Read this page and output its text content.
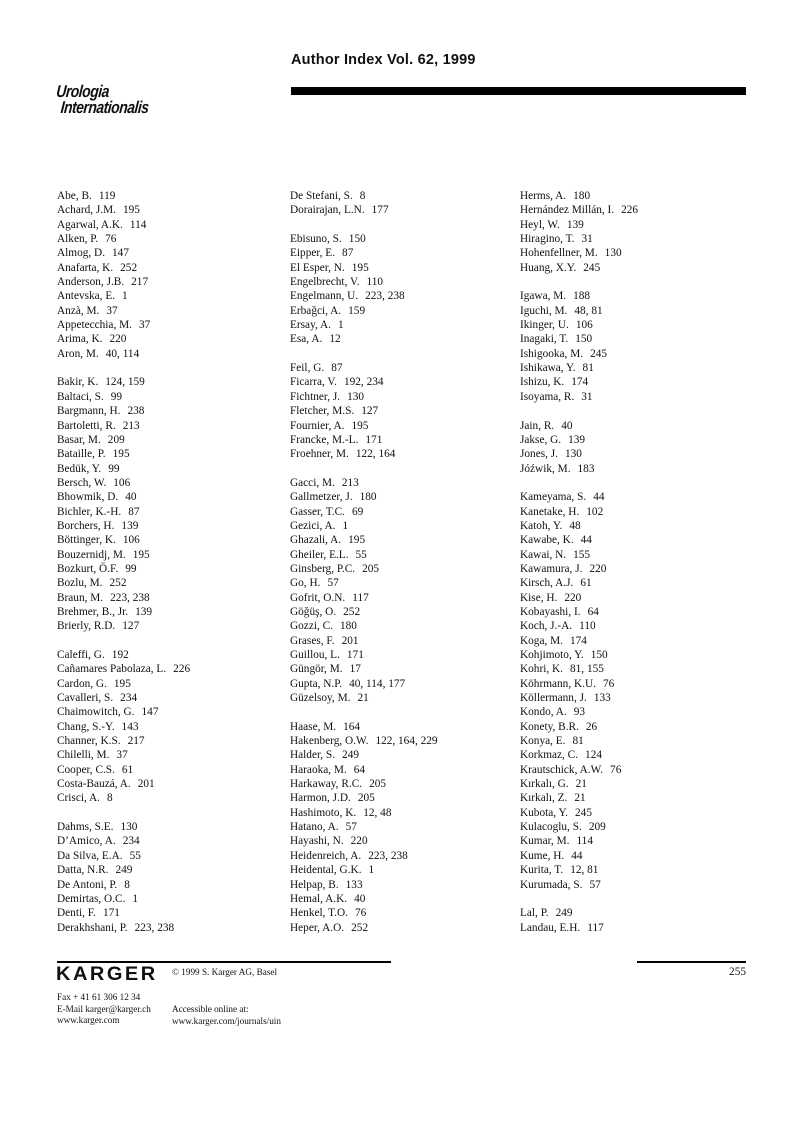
Author Index Vol. 62, 1999
Urologia
Internationalis
Abe, B. 119
Achard, J.M. 195
Agarwal, A.K. 114
Alken, P. 76
Almog, D. 147
Anafarta, K. 252
Anderson, J.B. 217
Antevska, E. 1
Anzà, M. 37
Appetecchia, M. 37
Arima, K. 220
Aron, M. 40, 114
Bakir, K. 124, 159
Baltaci, S. 99
Bargmann, H. 238
Bartoletti, R. 213
Basar, M. 209
Bataille, P. 195
Bedük, Y. 99
Bersch, W. 106
Bhowmik, D. 40
Bichler, K.-H. 87
Borchers, H. 139
Böttinger, K. 106
Bouzernidj, M. 195
Bozkurt, Ö.F. 99
Bozlu, M. 252
Braun, M. 223, 238
Brehmer, B., Jr. 139
Brierly, R.D. 127
Caleffi, G. 192
Cañamares Pabolaza, L. 226
Cardon, G. 195
Cavalleri, S. 234
Chaimowitch, G. 147
Chang, S.-Y. 143
Channer, K.S. 217
Chilelli, M. 37
Cooper, C.S. 61
Costa-Bauzá, A. 201
Crisci, A. 8
Dahms, S.E. 130
D’Amico, A. 234
Da Silva, E.A. 55
Datta, N.R. 249
De Antoni, P. 8
Demirtas, O.C. 1
Denti, F. 171
Derakhshani, P. 223, 238
De Stefani, S. 8
Dorairajan, L.N. 177
Ebisuno, S. 150
Eipper, E. 87
El Esper, N. 195
Engelbrecht, V. 110
Engelmann, U. 223, 238
Erbağci, A. 159
Ersay, A. 1
Esa, A. 12
Feil, G. 87
Ficarra, V. 192, 234
Fichtner, J. 130
Fletcher, M.S. 127
Fournier, A. 195
Francke, M.-L. 171
Froehner, M. 122, 164
Gacci, M. 213
Gallmetzer, J. 180
Gasser, T.C. 69
Gezici, A. 1
Ghazali, A. 195
Gheiler, E.L. 55
Ginsberg, P.C. 205
Go, H. 57
Gofrit, O.N. 117
Göğüş, O. 252
Gozzi, C. 180
Grases, F. 201
Guillou, L. 171
Güngör, M. 17
Gupta, N.P. 40, 114, 177
Güzelsoy, M. 21
Haase, M. 164
Hakenberg, O.W. 122, 164, 229
Halder, S. 249
Haraoka, M. 64
Harkaway, R.C. 205
Harmon, J.D. 205
Hashimoto, K. 12, 48
Hatano, A. 57
Hayashi, N. 220
Heidenreich, A. 223, 238
Heidental, G.K. 1
Helpap, B. 133
Hemal, A.K. 40
Henkel, T.O. 76
Heper, A.O. 252
Herms, A. 180
Hernández Millán, I. 226
Heyl, W. 139
Hiragino, T. 31
Hohenfellner, M. 130
Huang, X.Y. 245
Igawa, M. 188
Iguchi, M. 48, 81
Ikinger, U. 106
Inagaki, T. 150
Ishigooka, M. 245
Ishikawa, Y. 81
Ishizu, K. 174
Isoyama, R. 31
Jain, R. 40
Jakse, G. 139
Jones, J. 130
Jóźwik, M. 183
Kameyama, S. 44
Kanetake, H. 102
Katoh, Y. 48
Kawabe, K. 44
Kawai, N. 155
Kawamura, J. 220
Kirsch, A.J. 61
Kise, H. 220
Kobayashi, I. 64
Koch, J.-A. 110
Koga, M. 174
Kohjimoto, Y. 150
Kohri, K. 81, 155
Köhrmann, K.U. 76
Köllermann, J. 133
Kondo, A. 93
Konety, B.R. 26
Konya, E. 81
Korkmaz, C. 124
Krautschick, A.W. 76
Kırkalı, G. 21
Kırkalı, Z. 21
Kubota, Y. 245
Kulacoglu, S. 209
Kumar, M. 114
Kume, H. 44
Kurita, T. 12, 81
Kurumada, S. 57
Lal, P. 249
Landau, E.H. 117
KARGER © 1999 S. Karger AG, Basel
Fax + 41 61 306 12 34
E-Mail karger@karger.ch
www.karger.com
Accessible online at:
www.karger.com/journals/uin
255
